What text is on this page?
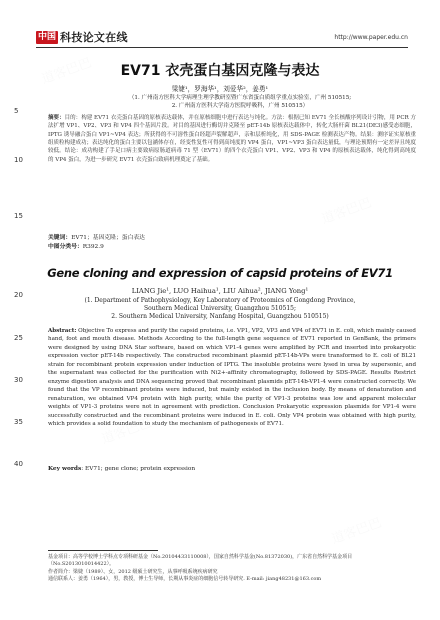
中国 科技论文在线	http://www.paper.edu.cn
5
10
15
20
25
30
35
40
EV71 衣壳蛋白基因克隆与表达
梁婕¹，罗海华¹，刘爱华²，姜勇¹
（1. 广州南方医科大学病理生理学教研室暨广东省蛋白质组学重点实验室，广州 510515;
2. 广州南方医科大学南方医院呼吸科，广州 510515）
摘要：目的：构建 EV71 衣壳蛋白基因的原核表达载体，并在原核细胞中进行表达与纯化。方法：根据已知 EV71 全长核酸序列设计引物，用 PCR 方法扩增 VP1、VP2、VP3 和 VP4 四个基因片段。对目的基因进行酶切并克隆至 pET-14b 原核表达载体中，转化大肠杆菌 BL21(DE3)感受态细胞，IPTG 诱导融合蛋白 VP1~VP4 表达；所获得的不可溶性蛋白经超声裂解超声，亲和层析纯化，用 SDS-PAGE 检测表达产物。结果：测序证实原核重组质粒构建成功；表达纯化的蛋白主要以包涵体存在，经变性复性可得到高纯度的 VP4 蛋白，VP1~VP3 蛋白表达量低，与理论预期有一定差异且纯度较低。结论：成功构建了手足口病主要致病原肠道病毒 71 型（EV71）的四个衣壳蛋白 VP1、VP2、VP3 和 VP4 的原核表达载体，纯化得到高纯度的 VP4 蛋白，为进一步研究 EV71 衣壳蛋白致病机理奠定了基础。
关键词：EV71；基因克隆；蛋白表达
中图分类号：R392.9
Gene cloning and expression of capsid proteins of EV71
LIANG Jie¹, LUO Haihua¹, LIU Aihua², JIANG Yong¹
(1. Department of Pathophysiology, Key Laboratory of Proteomics of Gongdong Province,
Southern Medical University, Guangzhou 510515;
2. Southern Medical University, Nanfang Hospital, Guangzhou 510515)
Abstract: Objective To express and purify the capsid proteins, i.e. VP1, VP2, VP3 and VP4 of EV71 in E. coli, which mainly caused hand, foot and mouth disease. Methods According to the full-length gene sequence of EV71 reported in GenBank, the primers were designed by using DNA Star software, based on which VP1-4 genes were amplified by PCR and inserted into prokaryotic expression vector pET-14b respectively. The constructed recombinant plasmid pET-14b-VPs were transformed to E. coli of BL21 strain for recombinant protein expression under induction of IPTG. The insoluble proteins were lysed in urea by supersonic, and the supernatant was collected for the purification with Ni2+-affinity chromatography, followed by SDS-PAGE. Results Restrict enzyme digestion analysis and DNA sequencing proved that recombinant plasmids pET-14b-VP1-4 were constructed correctly. We found that the VP recombinant proteins were induced, but mainly existed in the inclusion body. By means of denaturation and renaturation, we obtained VP4 protein with high purity, while the purity of VP1-3 proteins was low and apparent molecular weights of VP1-3 proteins were not in agreement with prediction. Conclusion Prokaryotic expression plasmids for VP1-4 were successfully constructed and the recombinant proteins were induced in E. coli. Only VP4 protein was obtained with high purity, which provides a solid foundation to study the mechanism of pathogenesis of EV71.
Key words: EV71; gene clone; protein expression
基金项目：高等学校博士学科点专项科研基金（No.20104433110008），国家自然科学基金(No.81372030)，广东省自然科学基金项目（No.S2013010014422）。
作者简介：梁婕（1989）、女，2012 级硕士研究生，从事呼吸系统疾病研究
通信联系人：姜勇（1964），男，教授，博士生导师，长期从事炎症的细胞信号转导研究. E-mail: jiang48231@163.com
道客巴巴
道客巴巴
道客巴巴
道客巴巴
